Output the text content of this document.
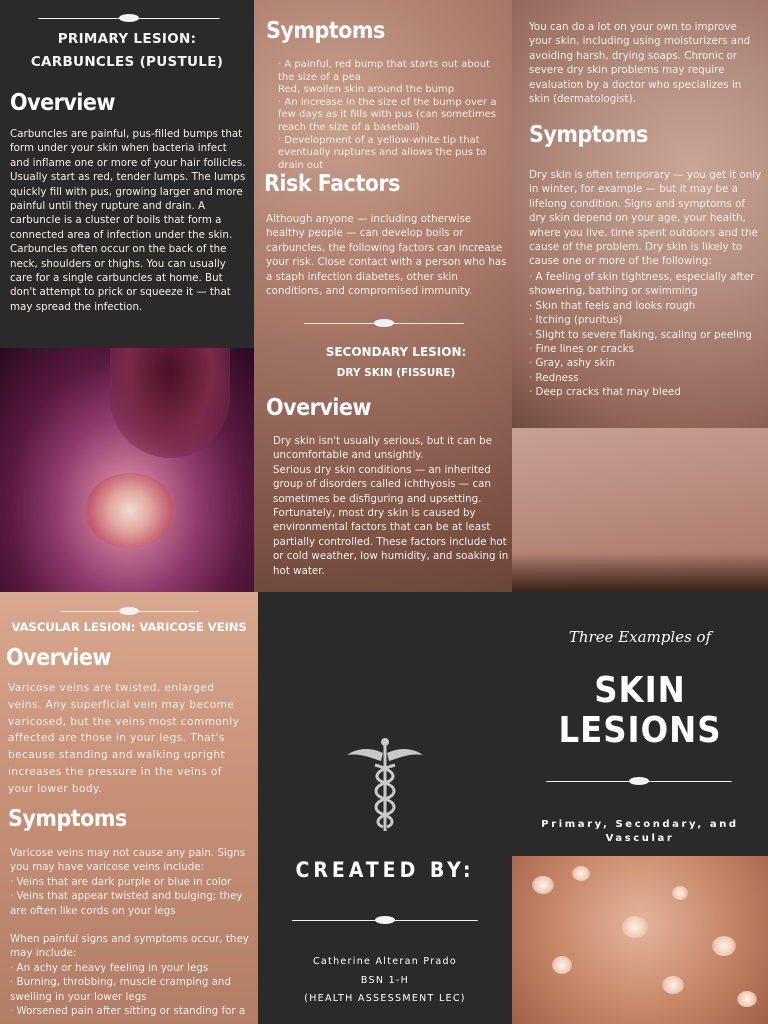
PRIMARY LESION:
CARBUNCLES (PUSTULE)
Overview
Carbuncles are painful, pus-filled bumps that form under your skin when bacteria infect and inflame one or more of your hair follicles.
Usually start as red, tender lumps. The lumps quickly fill with pus, growing larger and more painful until they rupture and drain. A carbuncle is a cluster of boils that form a connected area of infection under the skin. Carbuncles often occur on the back of the neck, shoulders or thighs. You can usually care for a single carbuncles at home. But don't attempt to prick or squeeze it — that may spread the infection.
Symptoms
· A painful, red bump that starts out about the size of a pea
Red, swollen skin around the bump
· An increase in the size of the bump over a few days as it fills with pus (can sometimes reach the size of a baseball)
· Development of a yellow-white tip that eventually ruptures and allows the pus to drain out
Risk Factors
Although anyone — including otherwise healthy people — can develop boils or carbuncles, the following factors can increase your risk. Close contact with a person who has a staph infection diabetes, other skin conditions, and compromised immunity.
SECONDARY LESION:
DRY SKIN (FISSURE)
Overview
Dry skin isn't usually serious, but it can be uncomfortable and unsightly.
Serious dry skin conditions — an inherited group of disorders called ichthyosis — can sometimes be disfiguring and upsetting. Fortunately, most dry skin is caused by environmental factors that can be at least partially controlled. These factors include hot or cold weather, low humidity, and soaking in hot water.
You can do a lot on your own to improve your skin, including using moisturizers and avoiding harsh, drying soaps. Chronic or severe dry skin problems may require evaluation by a doctor who specializes in skin (dermatologist).
Symptoms
Dry skin is often temporary — you get it only in winter, for example — but it may be a lifelong condition. Signs and symptoms of dry skin depend on your age, your health, where you live, time spent outdoors and the cause of the problem. Dry skin is likely to cause one or more of the following:
· A feeling of skin tightness, especially after showering, bathing or swimming
· Skin that feels and looks rough
· Itching (pruritus)
· Slight to severe flaking, scaling or peeling
· Fine lines or cracks
· Gray, ashy skin
· Redness
· Deep cracks that may bleed
VASCULAR LESION: VARICOSE VEINS
Overview
Varicose veins are twisted, enlarged veins. Any superficial vein may become varicosed, but the veins most commonly affected are those in your legs. That's because standing and walking upright increases the pressure in the veins of your lower body.
Symptoms
Varicose veins may not cause any pain. Signs you may have varicose veins include:
· Veins that are dark purple or blue in color
· Veins that appear twisted and bulging; they are often like cords on your legs
When painful signs and symptoms occur, they may include:
· An achy or heavy feeling in your legs
· Burning, throbbing, muscle cramping and swelling in your lower legs
· Worsened pain after sitting or standing for a
CREATED BY:
Catherine Alteran Prado
BSN 1-H
(HEALTH ASSESSMENT LEC)
Three Examples of
SKIN
LESIONS
Primary, Secondary, and
Vascular
